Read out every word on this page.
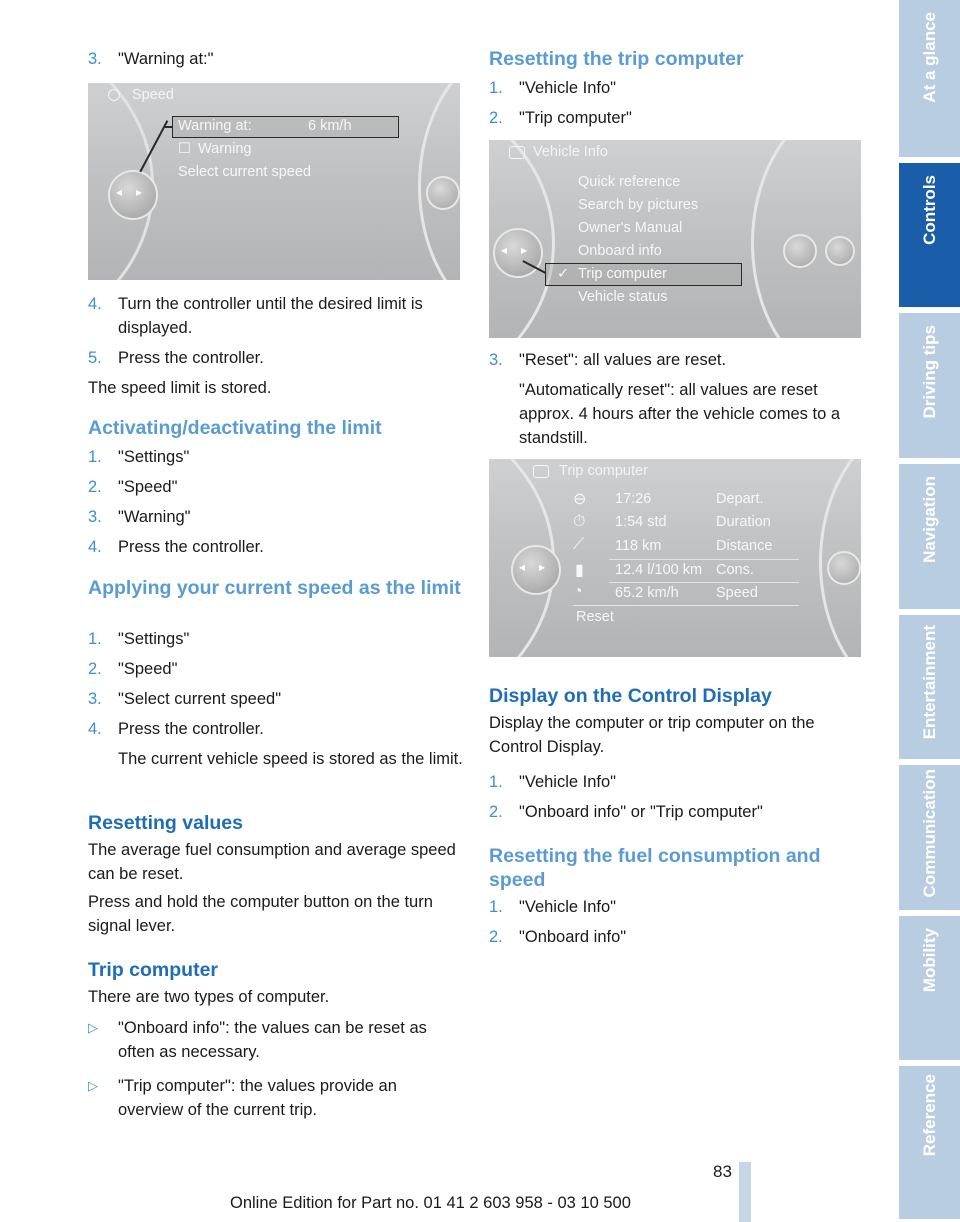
3. "Warning at:"

Speed
◂ ▸
Warning at:	6 km/h
☐ Warning
Select current speed

4. Turn the controller until the desired limit is displayed.

5. Press the controller.

The speed limit is stored.

Activating/deactivating the limit

1. "Settings"

2. "Speed"

3. "Warning"

4. Press the controller.

Applying your current speed as the limit

1. "Settings"

2. "Speed"

3. "Select current speed"

4. Press the controller.
The current vehicle speed is stored as the limit.

Resetting values

The average fuel consumption and average speed can be reset.

Press and hold the computer button on the turn signal lever.

Trip computer

There are two types of computer.

▷ "Onboard info": the values can be reset as often as necessary.

▷ "Trip computer": the values provide an overview of the current trip.

Resetting the trip computer

1. "Vehicle Info"

2. "Trip computer"

Vehicle Info
◂ ▸
Quick reference
Search by pictures
Owner's Manual
Onboard info
✓ Trip computer
Vehicle status

3. "Reset": all values are reset.
"Automatically reset": all values are reset approx. 4 hours after the vehicle comes to a standstill.

Trip computer
◂ ▸
⊖ 17:26	Depart.
⏱ 1:54 std	Duration
⟋ 118 km	Distance
▮ 12.4 l/100 km Cons.
◔ 65.2 km/h	Speed
Reset
Display on the Control Display

Display the computer or trip computer on the Control Display.

1. "Vehicle Info"

2. "Onboard info" or "Trip computer"

Resetting the fuel consumption and speed

1. "Vehicle Info"

2. "Onboard info"

At a glance
Controls
Driving tips
Navigation
Entertainment
Communication
Mobility
Reference
83
Online Edition for Part no. 01 41 2 603 958 - 03 10 500
